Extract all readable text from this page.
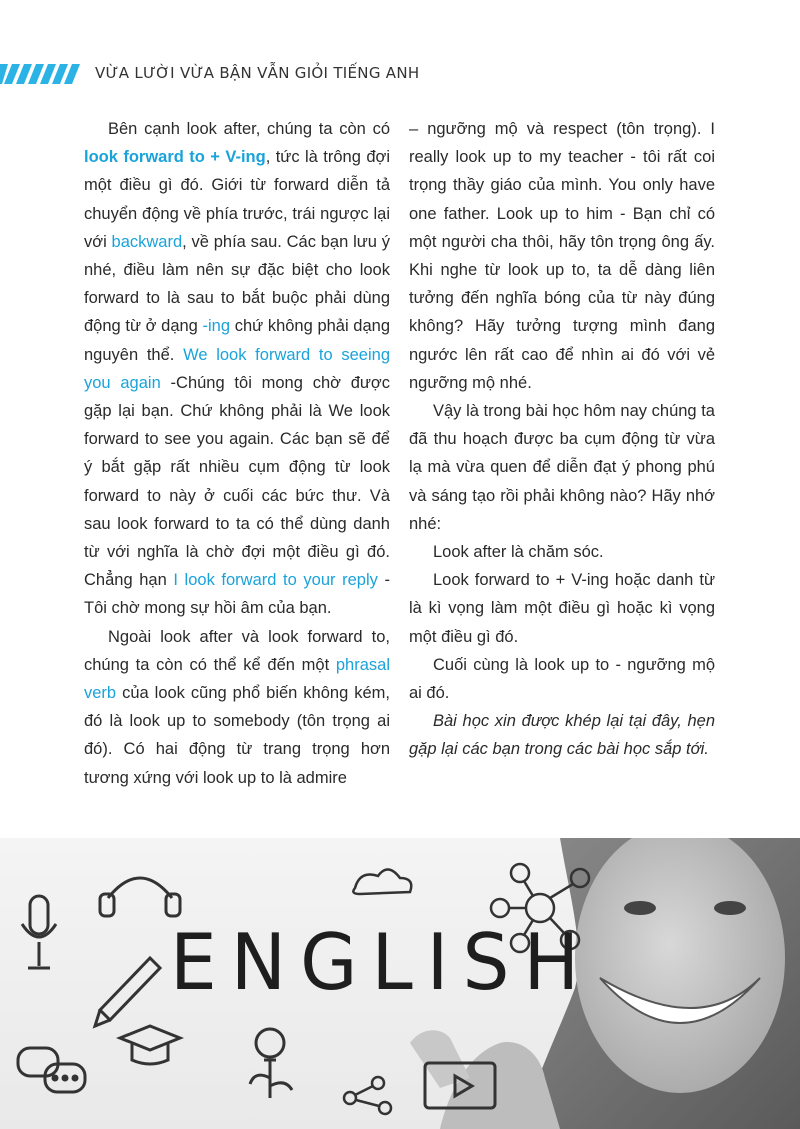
VỪA LƯỜI VỪA BẬN VẪN GIỎI TIẾNG ANH

Bên cạnh look after, chúng ta còn có look forward to + V-ing, tức là trông đợi một điều gì đó. Giới từ forward diễn tả chuyển động về phía trước, trái ngược lại với backward, về phía sau. Các bạn lưu ý nhé, điều làm nên sự đặc biệt cho look forward to là sau to bắt buộc phải dùng động từ ở dạng -ing chứ không phải dạng nguyên thể. We look forward to seeing you again -Chúng tôi mong chờ được gặp lại bạn. Chứ không phải là We look forward to see you again. Các bạn sẽ để ý bắt gặp rất nhiều cụm động từ look forward to này ở cuối các bức thư. Và sau look forward to ta có thể dùng danh từ với nghĩa là chờ đợi một điều gì đó. Chẳng hạn I look forward to your reply - Tôi chờ mong sự hồi âm của bạn.

Ngoài look after và look forward to, chúng ta còn có thể kể đến một phrasal verb của look cũng phổ biến không kém, đó là look up to somebody (tôn trọng ai đó). Có hai động từ trang trọng hơn tương xứng với look up to là admire

– ngưỡng mộ và respect (tôn trọng). I really look up to my teacher - tôi rất coi trọng thầy giáo của mình. You only have one father. Look up to him - Bạn chỉ có một người cha thôi, hãy tôn trọng ông ấy. Khi nghe từ look up to, ta dễ dàng liên tưởng đến nghĩa bóng của từ này đúng không? Hãy tưởng tượng mình đang ngước lên rất cao để nhìn ai đó với vẻ ngưỡng mộ nhé.

Vậy là trong bài học hôm nay chúng ta đã thu hoạch được ba cụm động từ vừa lạ mà vừa quen để diễn đạt ý phong phú và sáng tạo rồi phải không nào? Hãy nhớ nhé:

Look after là chăm sóc.

Look forward to + V-ing hoặc danh từ là kì vọng làm một điều gì hoặc kì vọng một điều gì đó.

Cuối cùng là look up to - ngưỡng mộ ai đó.

Bài học xin được khép lại tại đây, hẹn gặp lại các bạn trong các bài học sắp tới.

ENGLISH
